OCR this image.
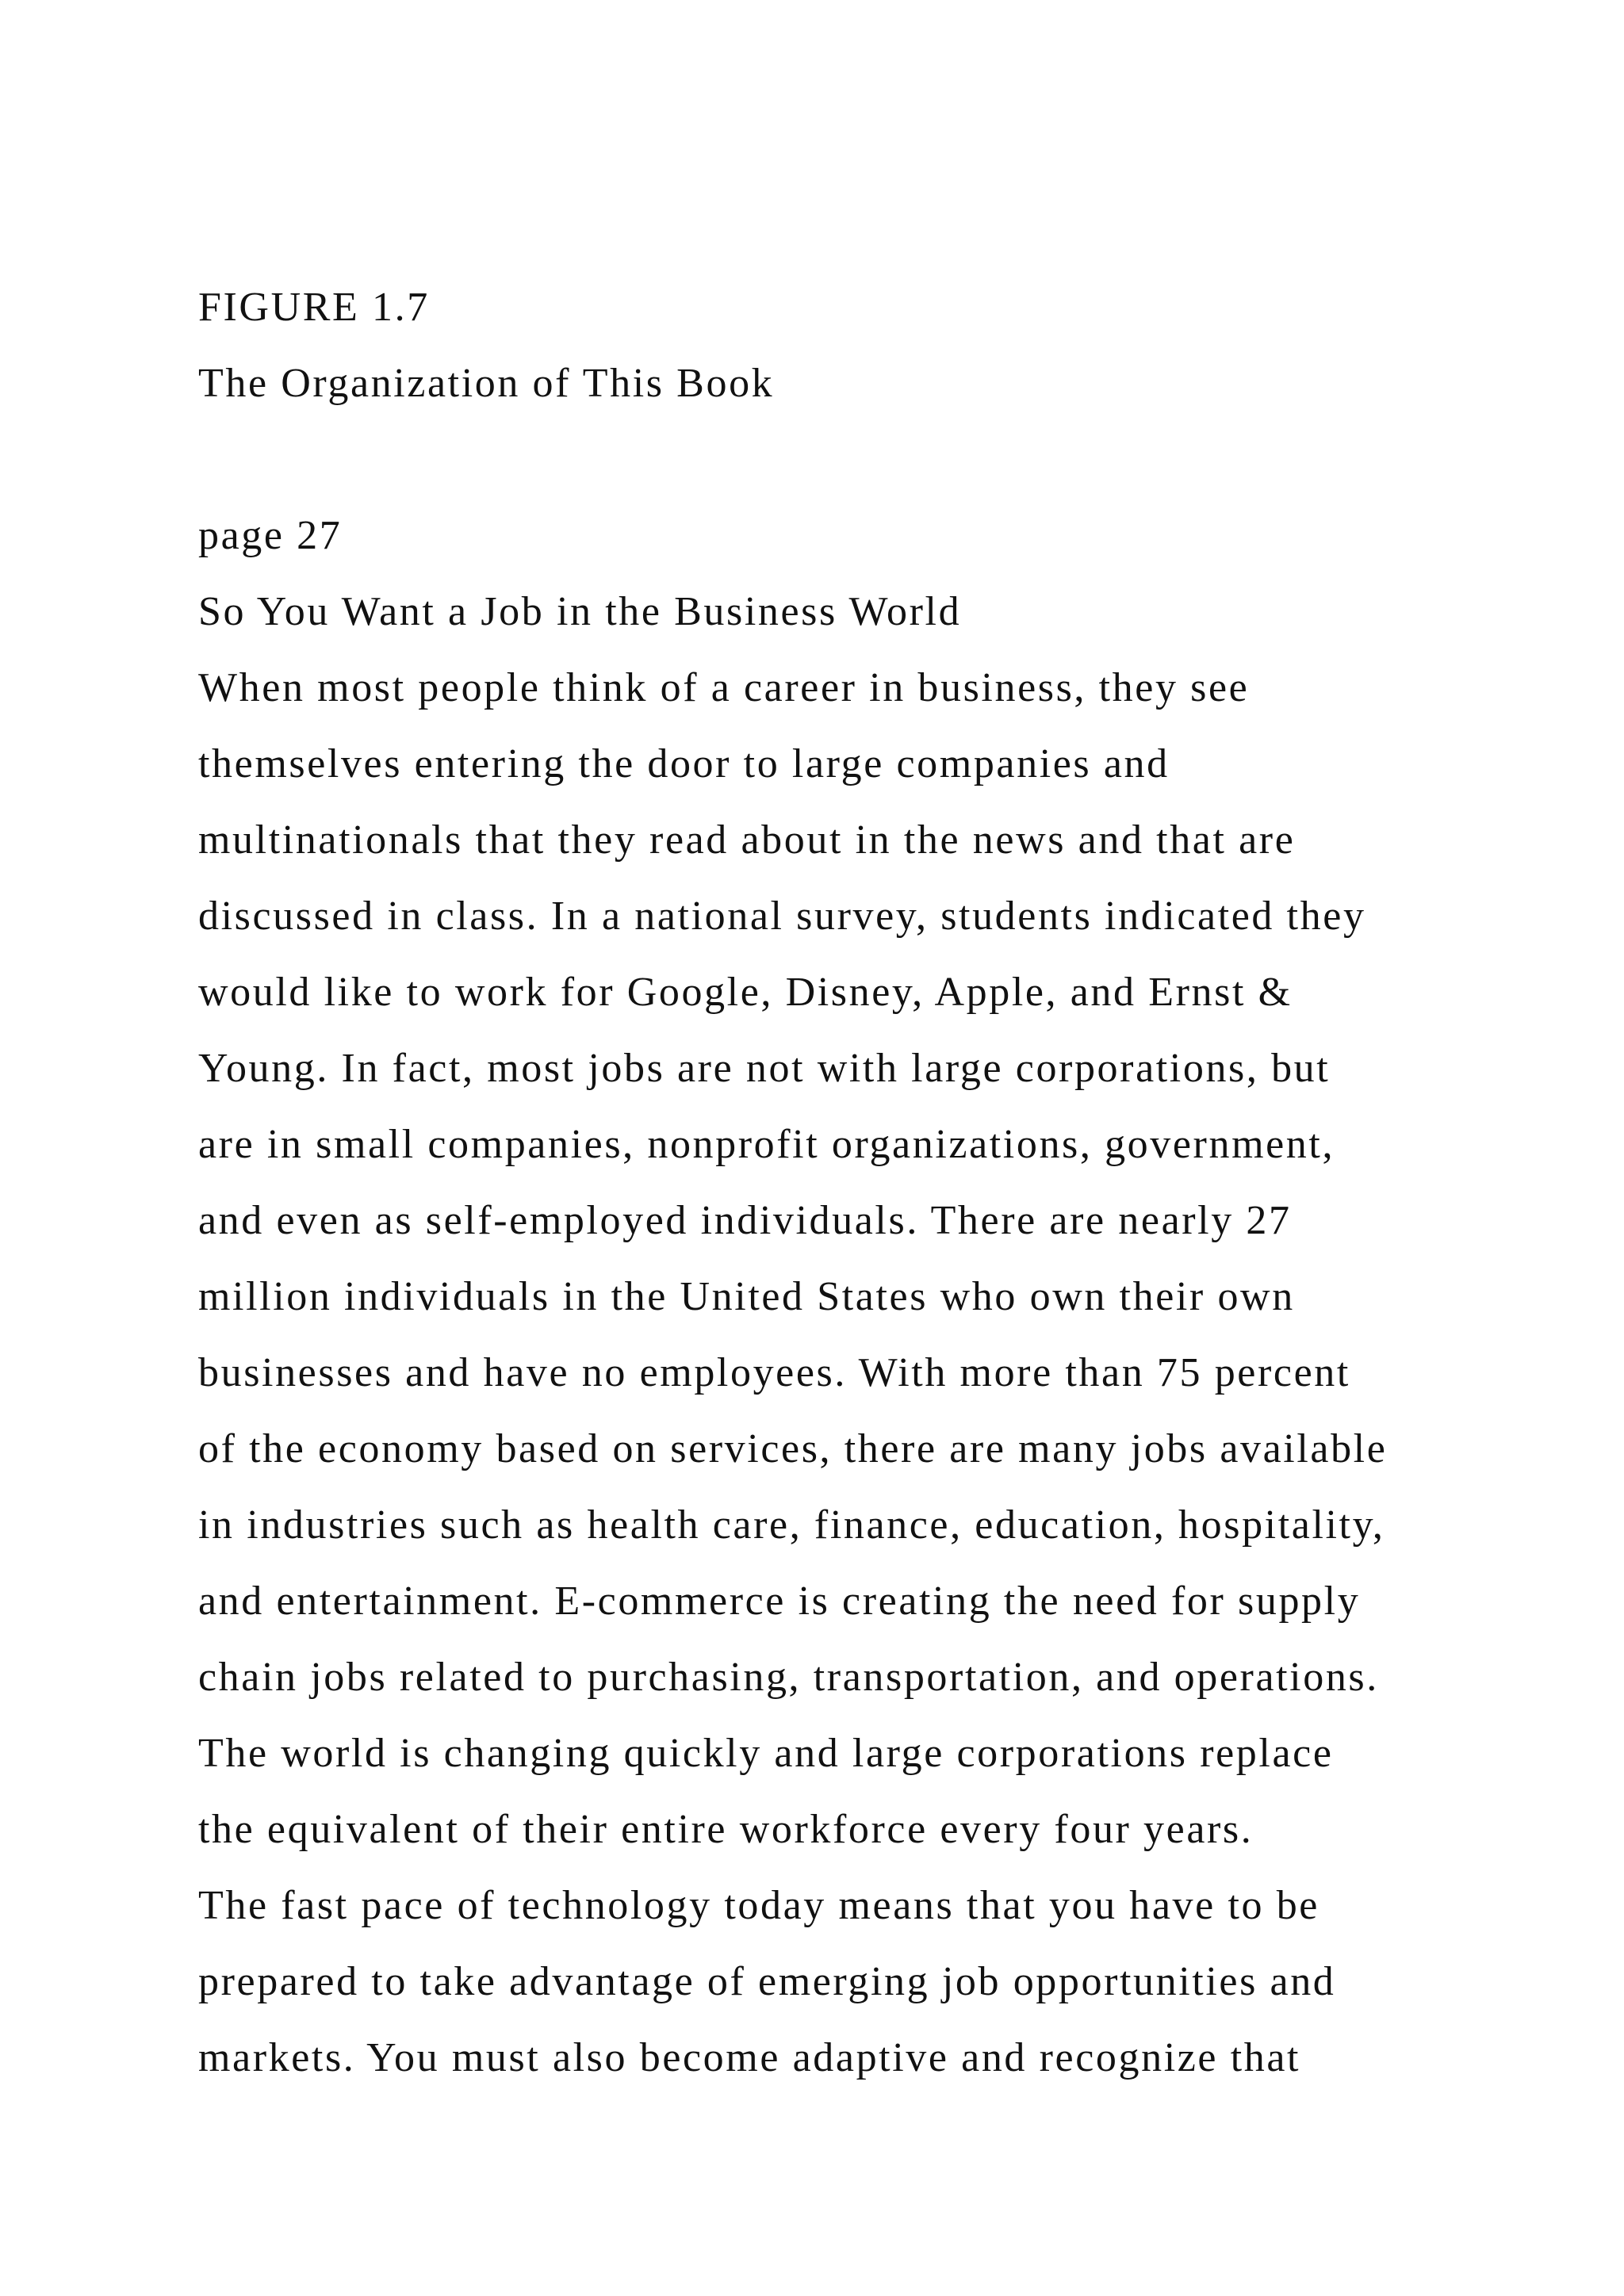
FIGURE 1.7
The Organization of This Book
page 27
So You Want a Job in the Business World
When most people think of a career in business, they see
themselves entering the door to large companies and
multinationals that they read about in the news and that are
discussed in class. In a national survey, students indicated they
would like to work for Google, Disney, Apple, and Ernst &
Young. In fact, most jobs are not with large corporations, but
are in small companies, nonprofit organizations, government,
and even as self-employed individuals. There are nearly 27
million individuals in the United States who own their own
businesses and have no employees. With more than 75 percent
of the economy based on services, there are many jobs available
in industries such as health care, finance, education, hospitality,
and entertainment. E-commerce is creating the need for supply
chain jobs related to purchasing, transportation, and operations.
The world is changing quickly and large corporations replace
the equivalent of their entire workforce every four years.
The fast pace of technology today means that you have to be
prepared to take advantage of emerging job opportunities and
markets. You must also become adaptive and recognize that
